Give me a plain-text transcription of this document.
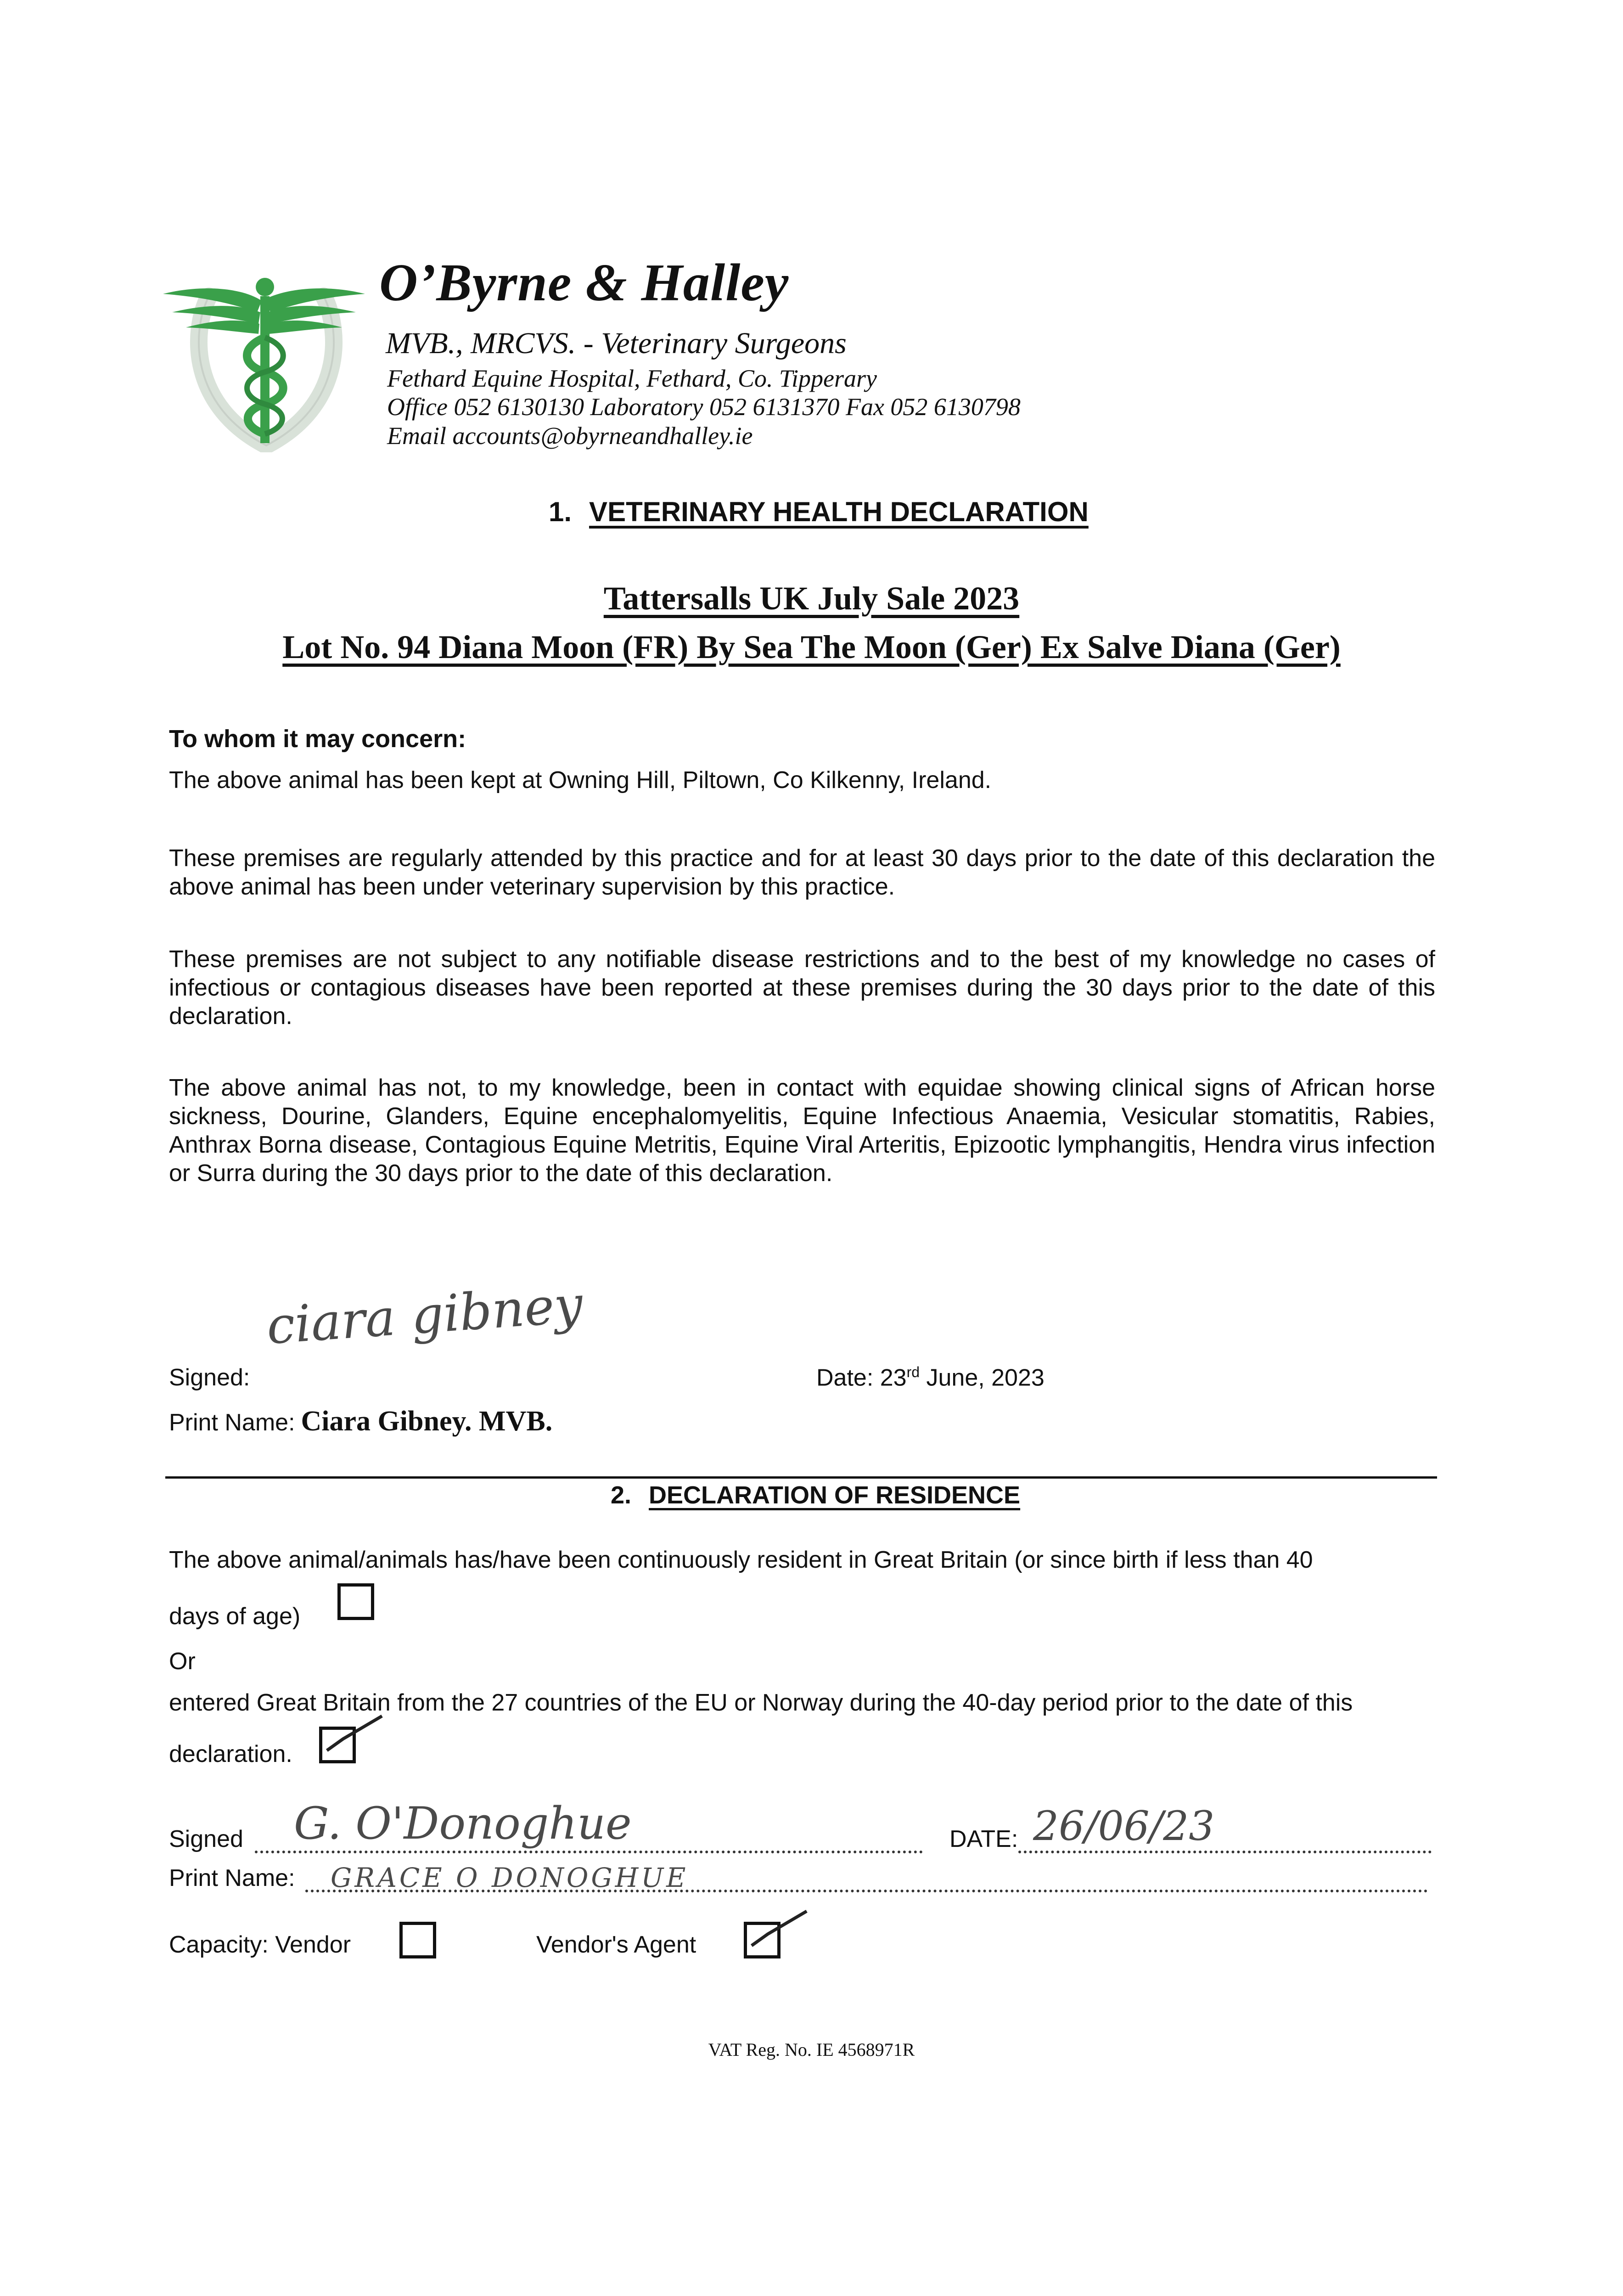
O’Byrne & Halley
MVB., MRCVS. - Veterinary Surgeons
Fethard Equine Hospital, Fethard, Co. Tipperary
Office 052 6130130 Laboratory 052 6131370 Fax 052 6130798
Email accounts@obyrneandhalley.ie
1. VETERINARY HEALTH DECLARATION
Tattersalls UK July Sale 2023
Lot No. 94 Diana Moon (FR) By Sea The Moon (Ger) Ex Salve Diana (Ger)
To whom it may concern:
The above animal has been kept at Owning Hill, Piltown, Co Kilkenny, Ireland.
These premises are regularly attended by this practice and for at least 30 days prior to the date of this declaration the above animal has been under veterinary supervision by this practice.
These premises are not subject to any notifiable disease restrictions and to the best of my knowledge no cases of infectious or contagious diseases have been reported at these premises during the 30 days prior to the date of this declaration.
The above animal has not, to my knowledge, been in contact with equidae showing clinical signs of African horse sickness, Dourine, Glanders, Equine encephalomyelitis, Equine Infectious Anaemia, Vesicular stomatitis, Rabies, Anthrax Borna disease, Contagious Equine Metritis, Equine Viral Arteritis, Epizootic lymphangitis, Hendra virus infection or Surra during the 30 days prior to the date of this declaration.
Signed:
ciara gibney
Date: 23rd June, 2023
Print Name: Ciara Gibney. MVB.
2. DECLARATION OF RESIDENCE
The above animal/animals has/have been continuously resident in Great Britain (or since birth if less than 40
days of age)
Or
entered Great Britain from the 27 countries of the EU or Norway during the 40-day period prior to the date of this
declaration.
Signed G. O'Donoghue	DATE: 26/06/23
Print Name: GRACE O DONOGHUE
Capacity: Vendor	Vendor's Agent
VAT Reg. No. IE 4568971R
